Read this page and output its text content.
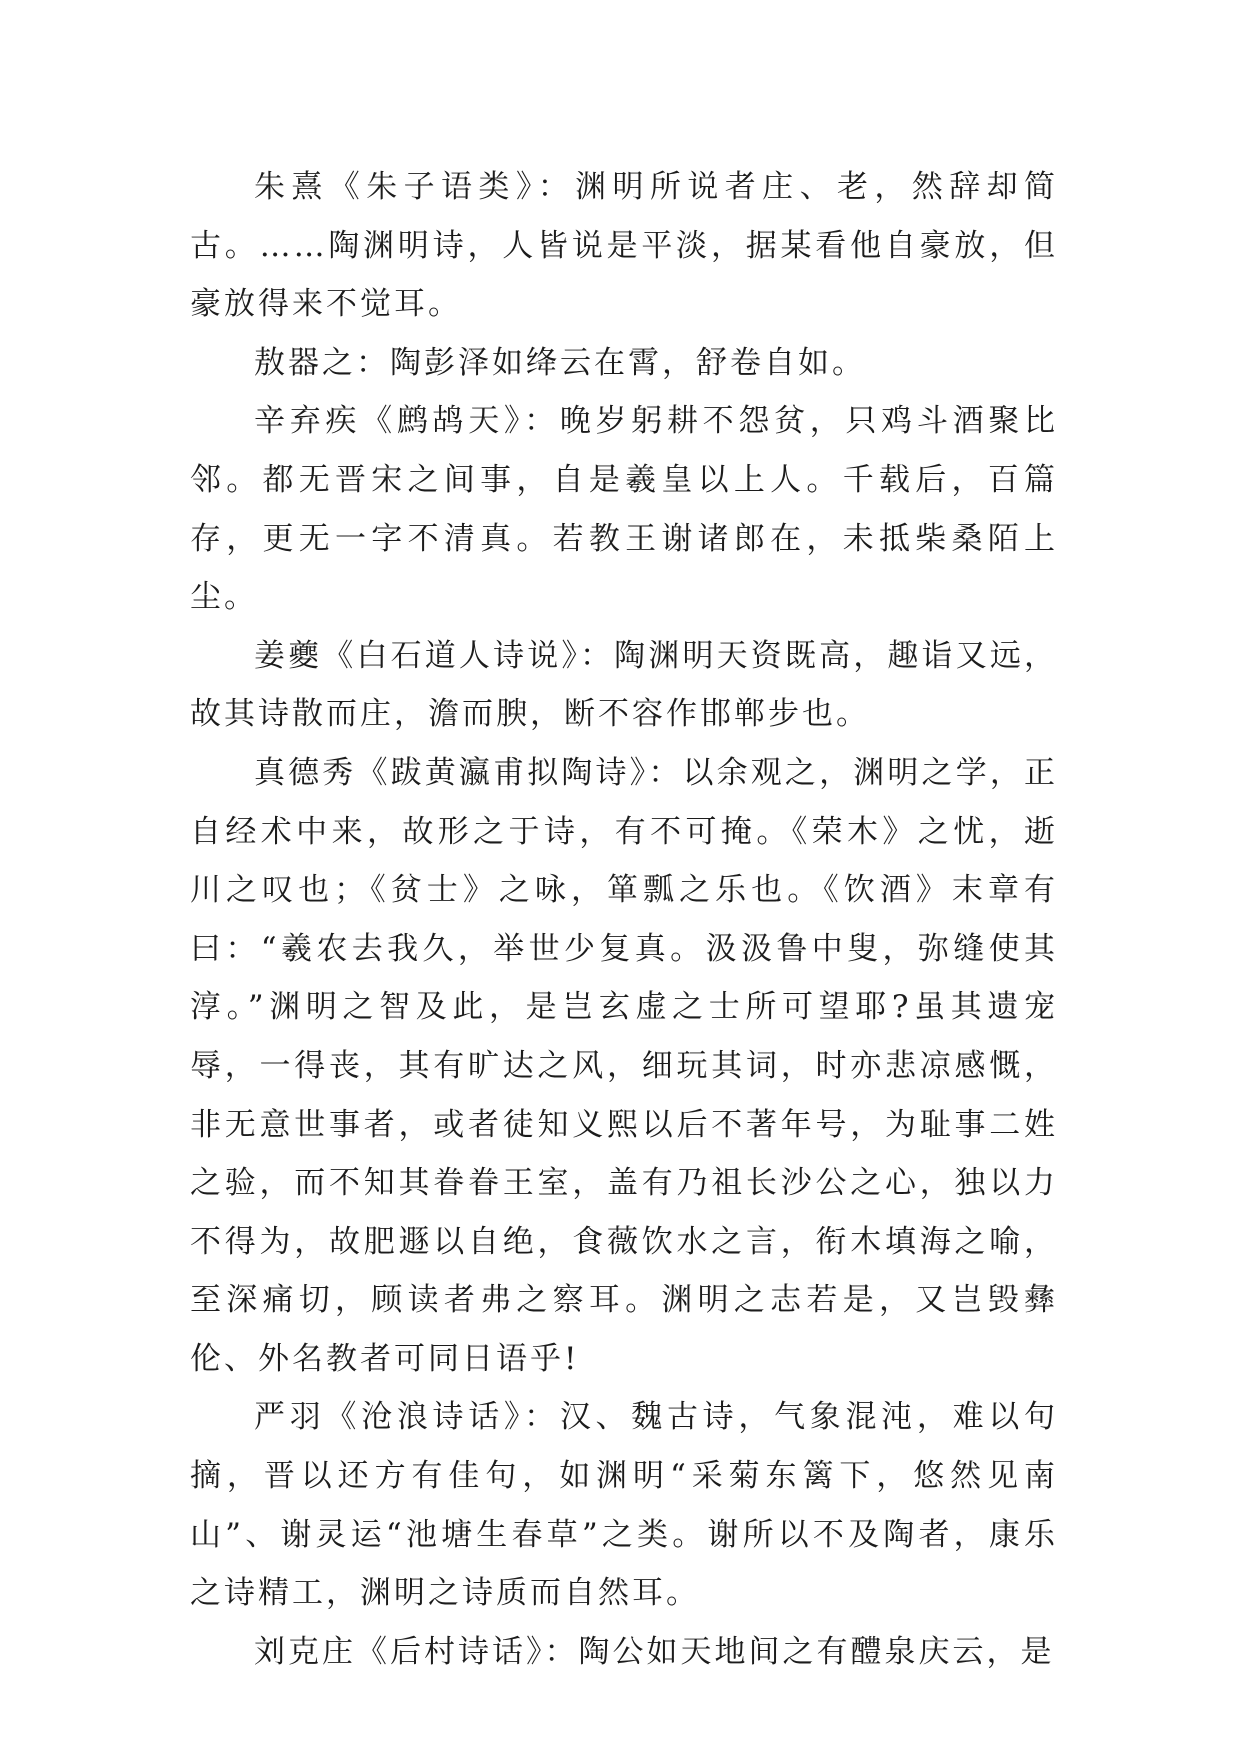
朱熹《朱子语类》：渊明所说者庄、老，然辞却简古。……陶渊明诗，人皆说是平淡，据某看他自豪放，但豪放得来不觉耳。

敖器之：陶彭泽如绛云在霄，舒卷自如。

辛弃疾《鹧鸪天》：晚岁躬耕不怨贫，只鸡斗酒聚比邻。都无晋宋之间事，自是羲皇以上人。千载后，百篇存，更无一字不清真。若教王谢诸郎在，未抵柴桑陌上尘。

姜夔《白石道人诗说》：陶渊明天资既高，趣诣又远，故其诗散而庄，澹而腴，断不容作邯郸步也。

真德秀《跋黄瀛甫拟陶诗》：以余观之，渊明之学，正自经术中来，故形之于诗，有不可掩。《荣木》之忧，逝川之叹也；《贫士》之咏，箪瓢之乐也。《饮酒》末章有曰：“羲农去我久，举世少复真。汲汲鲁中叟，弥缝使其淳。”渊明之智及此，是岂玄虚之士所可望耶?虽其遗宠辱，一得丧，其有旷达之风，细玩其词，时亦悲凉感慨，非无意世事者，或者徒知义熙以后不著年号，为耻事二姓之验，而不知其眷眷王室，盖有乃祖长沙公之心，独以力不得为，故肥遯以自绝，食薇饮水之言，衔木填海之喻，至深痛切，顾读者弗之察耳。渊明之志若是，又岂毁彝伦、外名教者可同日语乎!

严羽《沧浪诗话》：汉、魏古诗，气象混沌，难以句摘，晋以还方有佳句，如渊明“采菊东篱下，悠然见南山”、谢灵运“池塘生春草”之类。谢所以不及陶者，康乐之诗精工，渊明之诗质而自然耳。

刘克庄《后村诗话》：陶公如天地间之有醴泉庆云，是
